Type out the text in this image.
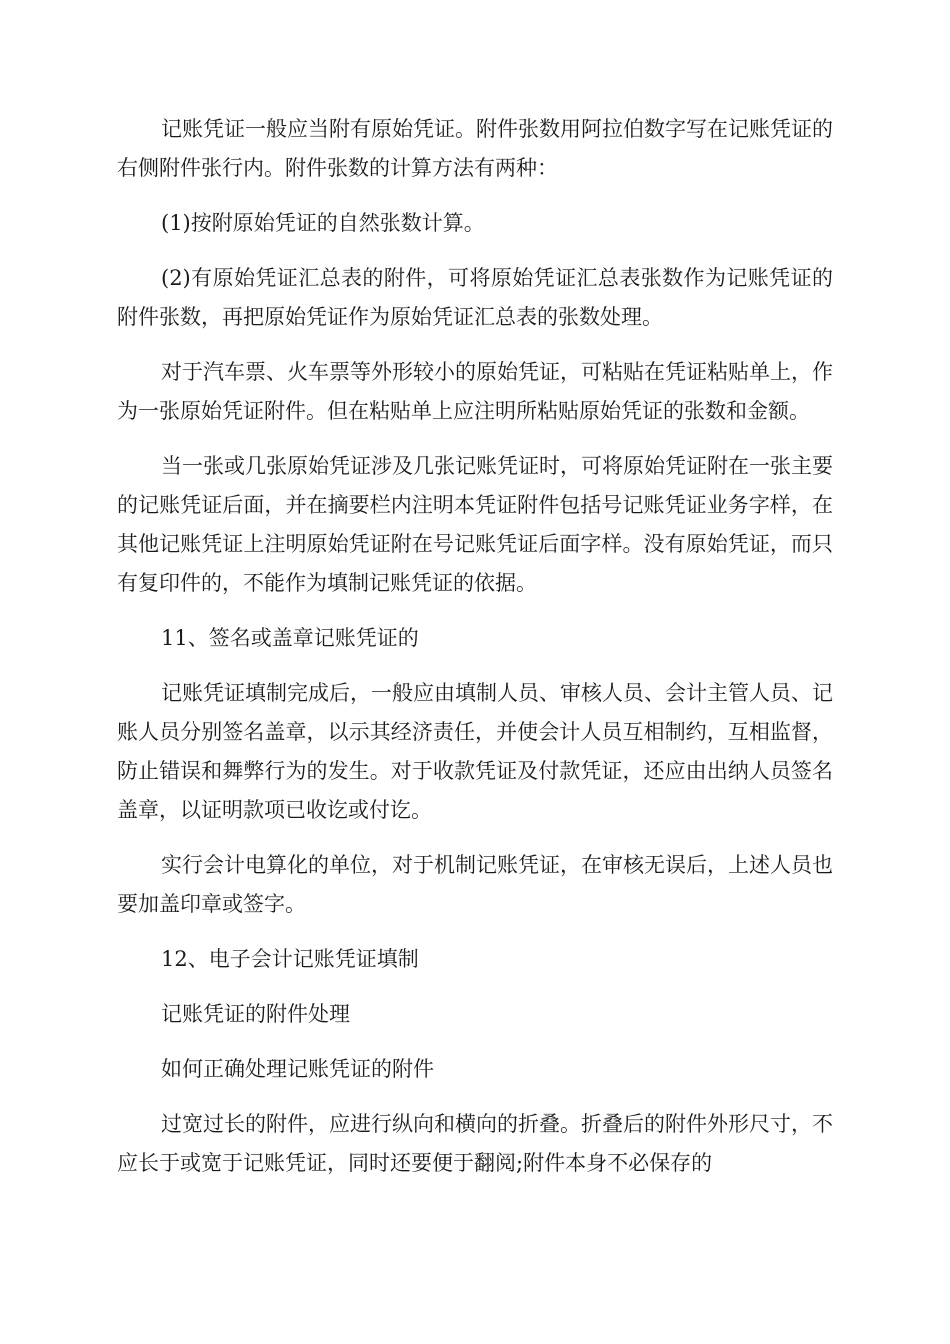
记账凭证一般应当附有原始凭证。附件张数用阿拉伯数字写在记账凭证的右侧附件张行内。附件张数的计算方法有两种：

(1)按附原始凭证的自然张数计算。

(2)有原始凭证汇总表的附件，可将原始凭证汇总表张数作为记账凭证的附件张数，再把原始凭证作为原始凭证汇总表的张数处理。

对于汽车票、火车票等外形较小的原始凭证，可粘贴在凭证粘贴单上，作为一张原始凭证附件。但在粘贴单上应注明所粘贴原始凭证的张数和金额。

当一张或几张原始凭证涉及几张记账凭证时，可将原始凭证附在一张主要的记账凭证后面，并在摘要栏内注明本凭证附件包括号记账凭证业务字样，在其他记账凭证上注明原始凭证附在号记账凭证后面字样。没有原始凭证，而只有复印件的，不能作为填制记账凭证的依据。

11、签名或盖章记账凭证的

记账凭证填制完成后，一般应由填制人员、审核人员、会计主管人员、记账人员分别签名盖章，以示其经济责任，并使会计人员互相制约，互相监督，防止错误和舞弊行为的发生。对于收款凭证及付款凭证，还应由出纳人员签名盖章，以证明款项已收讫或付讫。

实行会计电算化的单位，对于机制记账凭证，在审核无误后，上述人员也要加盖印章或签字。

12、电子会计记账凭证填制

记账凭证的附件处理

如何正确处理记账凭证的附件

过宽过长的附件，应进行纵向和横向的折叠。折叠后的附件外形尺寸，不应长于或宽于记账凭证，同时还要便于翻阅;附件本身不必保存的
